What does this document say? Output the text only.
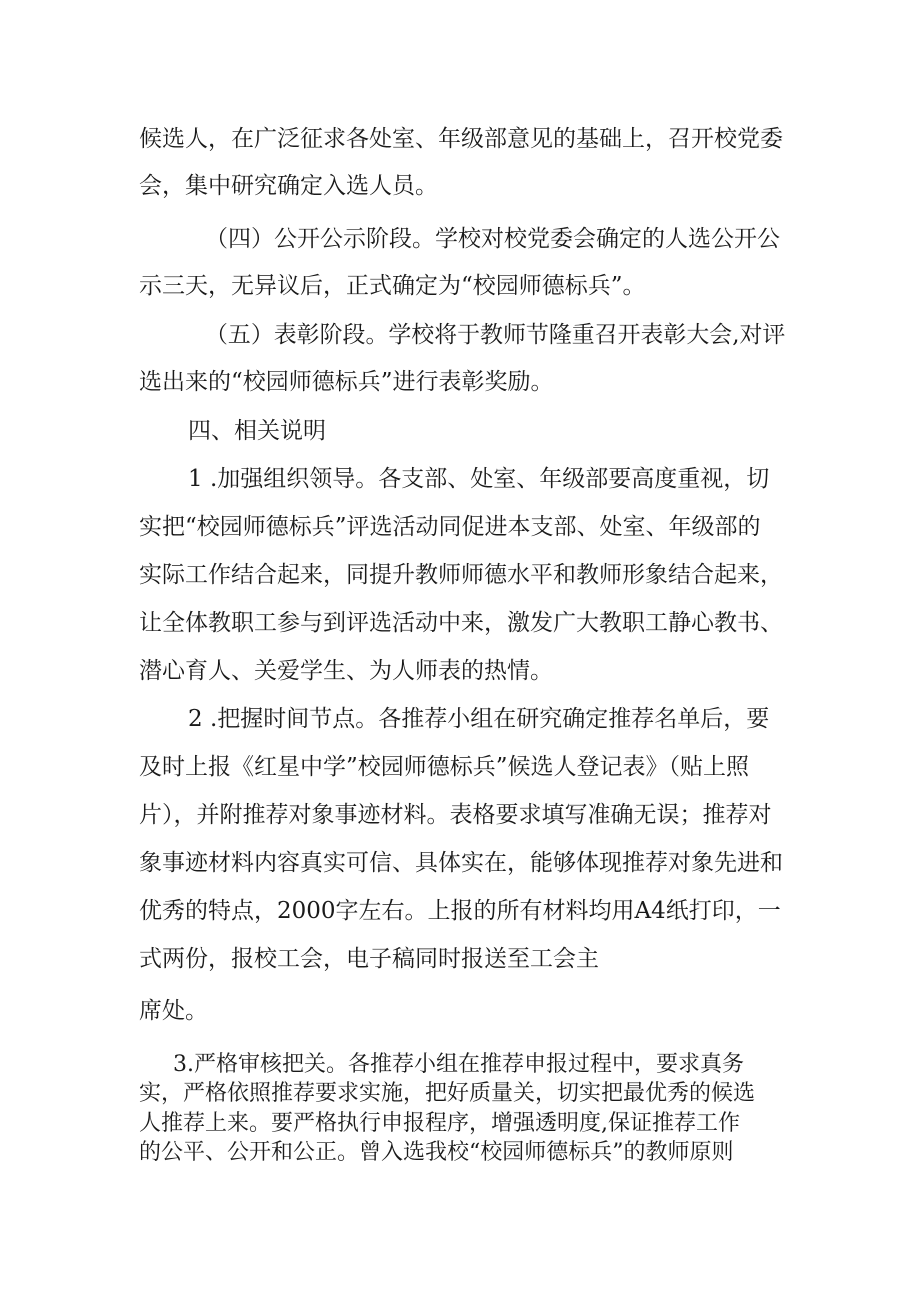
候选人，在广泛征求各处室、年级部意见的基础上，召开校党委

会，集中研究确定入选人员。

（四）公开公示阶段。学校对校党委会确定的人选公开公

示三天，无异议后，正式确定为“校园师德标兵”。

（五）表彰阶段。学校将于教师节隆重召开表彰大会,对评

选出来的“校园师德标兵”进行表彰奖励。

四、相关说明

1 .加强组织领导。各支部、处室、年级部要高度重视，切

实把“校园师德标兵”评选活动同促进本支部、处室、年级部的

实际工作结合起来，同提升教师师德水平和教师形象结合起来，

让全体教职工参与到评选活动中来，激发广大教职工静心教书、

潜心育人、关爱学生、为人师表的热情。

2 .把握时间节点。各推荐小组在研究确定推荐名单后，要

及时上报《红星中学”校园师德标兵”候选人登记表》（贴上照

片），并附推荐对象事迹材料。表格要求填写准确无误；推荐对

象事迹材料内容真实可信、具体实在，能够体现推荐对象先进和

优秀的特点，2000字左右。上报的所有材料均用A4纸打印，一

式两份，报校工会，电子稿同时报送至工会主

席处。

3.严格审核把关。各推荐小组在推荐申报过程中，要求真务

实，严格依照推荐要求实施，把好质量关，切实把最优秀的候选

人推荐上来。要严格执行申报程序，增强透明度,保证推荐工作

的公平、公开和公正。曾入选我校“校园师德标兵”的教师原则
